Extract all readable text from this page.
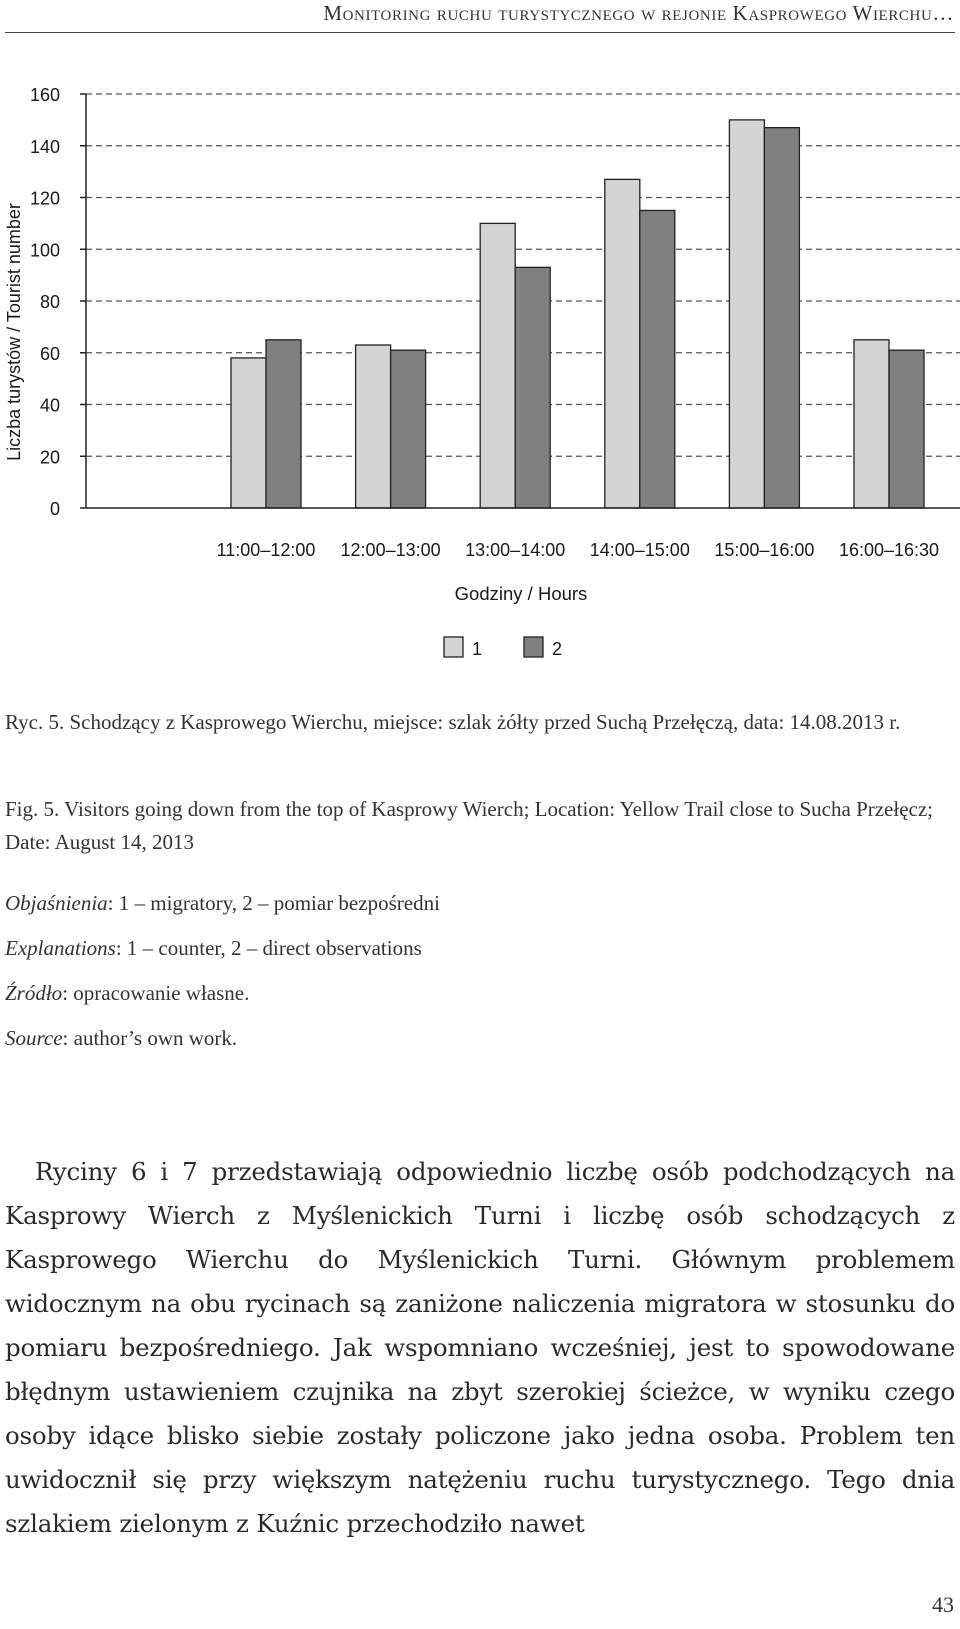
Monitoring ruchu turystycznego w rejonie Kasprowego Wierchu…
0
20
40
60
80
100
120
140
160
11:00–12:00 12:00–13:00 13:00–14:00 14:00–15:00 15:00–16:00 16:00–16:30
Godziny / Hours
Liczba turystów / Tourist number
1	2
Ryc. 5. Schodzący z Kasprowego Wierchu, miejsce: szlak żółty przed Suchą Przełęczą, data: 14.08.2013 r.
Fig. 5. Visitors going down from the top of Kasprowy Wierch; Location: Yellow Trail close to Sucha Przełęcz; Date: August 14, 2013
Objaśnienia: 1 – migratory, 2 – pomiar bezpośredni
Explanations: 1 – counter, 2 – direct observations
Źródło: opracowanie własne.
Source: author’s own work.
Ryciny 6 i 7 przedstawiają odpowiednio liczbę osób podchodzących na Kasprowy Wierch z Myślenickich Turni i liczbę osób schodzących z Kasprowego Wierchu do Myślenickich Turni. Głównym problemem widocznym na obu rycinach są zaniżone naliczenia migratora w stosunku do pomiaru bezpośredniego. Jak wspomniano wcześniej, jest to spowodowane błędnym ustawieniem czujnika na zbyt szerokiej ścieżce, w wyniku czego osoby idące blisko siebie zostały policzone jako jedna osoba. Problem ten uwidocznił się przy większym natężeniu ruchu turystycznego. Tego dnia szlakiem zielonym z Kuźnic przechodziło nawet
43
